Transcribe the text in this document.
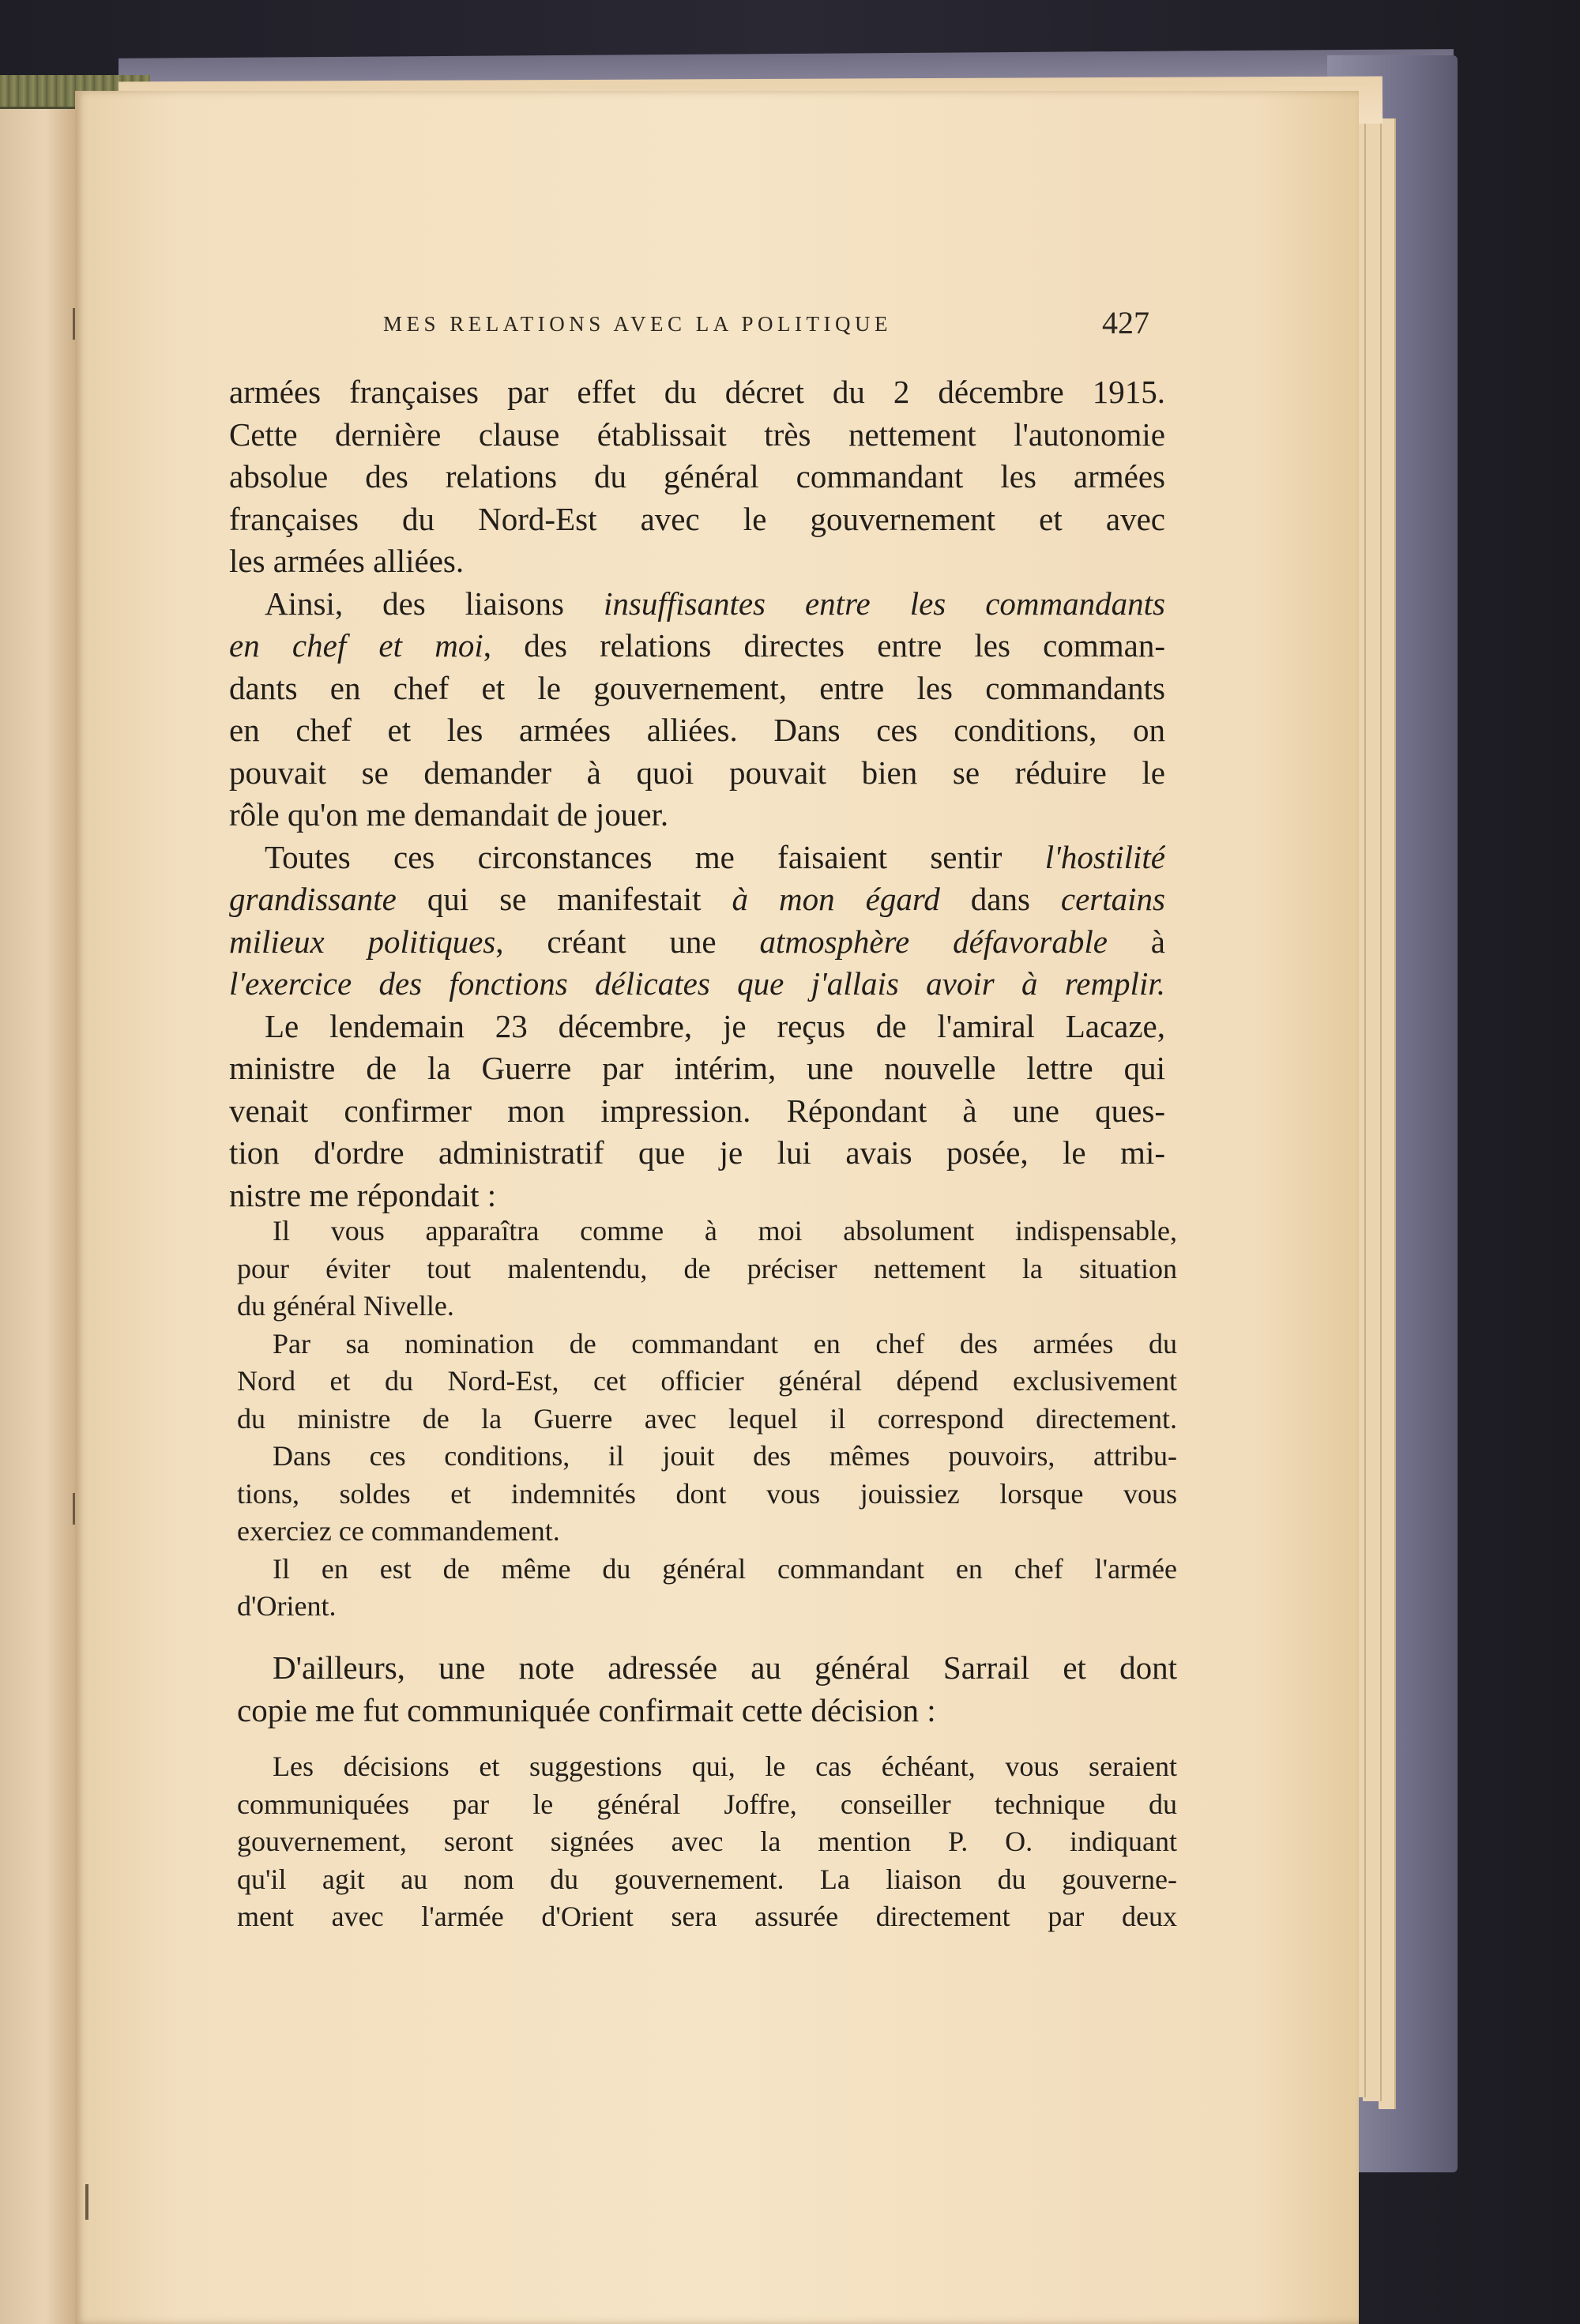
MES RELATIONS AVEC LA POLITIQUE	427
armées françaises par effet du décret du 2 décembre 1915.
Cette dernière clause établissait très nettement l'autonomie
absolue des relations du général commandant les armées
françaises du Nord-Est avec le gouvernement et avec
les armées alliées.
Ainsi, des liaisons insuffisantes entre les commandants
en chef et moi, des relations directes entre les comman-
dants en chef et le gouvernement, entre les commandants
en chef et les armées alliées. Dans ces conditions, on
pouvait se demander à quoi pouvait bien se réduire le
rôle qu'on me demandait de jouer.
Toutes ces circonstances me faisaient sentir l'hostilité
grandissante qui se manifestait à mon égard dans certains
milieux politiques, créant une atmosphère défavorable à
l'exercice des fonctions délicates que j'allais avoir à remplir.
Le lendemain 23 décembre, je reçus de l'amiral Lacaze,
ministre de la Guerre par intérim, une nouvelle lettre qui
venait confirmer mon impression. Répondant à une ques-
tion d'ordre administratif que je lui avais posée, le mi-
nistre me répondait :
Il vous apparaîtra comme à moi absolument indispensable,
pour éviter tout malentendu, de préciser nettement la situation
du général Nivelle.
Par sa nomination de commandant en chef des armées du
Nord et du Nord-Est, cet officier général dépend exclusivement
du ministre de la Guerre avec lequel il correspond directement.
Dans ces conditions, il jouit des mêmes pouvoirs, attribu-
tions, soldes et indemnités dont vous jouissiez lorsque vous
exerciez ce commandement.
Il en est de même du général commandant en chef l'armée
d'Orient.
D'ailleurs, une note adressée au général Sarrail et dont
copie me fut communiquée confirmait cette décision :
Les décisions et suggestions qui, le cas échéant, vous seraient
communiquées par le général Joffre, conseiller technique du
gouvernement, seront signées avec la mention P. O. indiquant
qu'il agit au nom du gouvernement. La liaison du gouverne-
ment avec l'armée d'Orient sera assurée directement par deux
